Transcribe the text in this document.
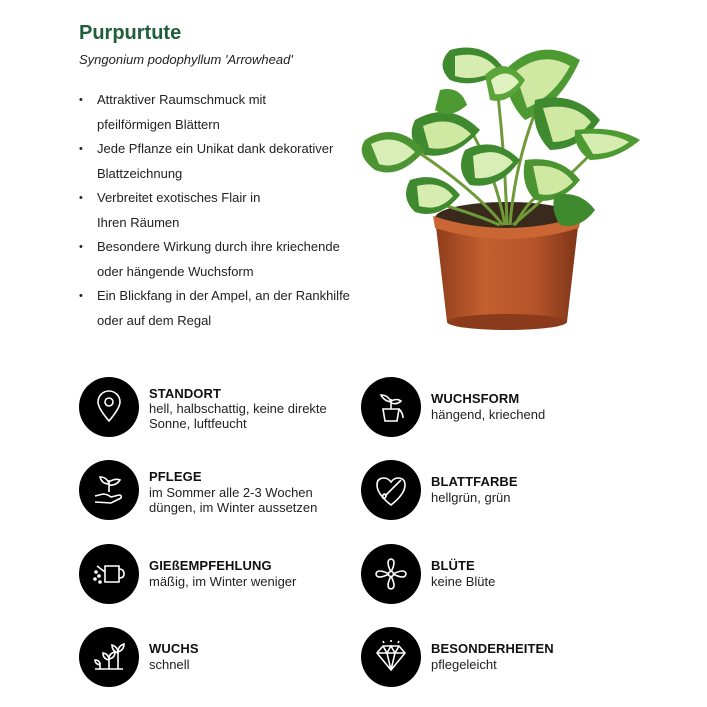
Purpurtute
Syngonium podophyllum 'Arrowhead'
• Attraktiver Raumschmuck mit
pfeilförmigen Blättern
• Jede Pflanze ein Unikat dank dekorativer
Blattzeichnung
• Verbreitet exotisches Flair in
Ihren Räumen
• Besondere Wirkung durch ihre kriechende
oder hängende Wuchsform
• Ein Blickfang in der Ampel, an der Rankhilfe
oder auf dem Regal
STANDORT
hell, halbschattig, keine direkte
Sonne, luftfeucht
WUCHSFORM
hängend, kriechend
PFLEGE
im Sommer alle 2-3 Wochen
düngen, im Winter aussetzen
BLATTFARBE
hellgrün, grün
GIEßEMPFEHLUNG
mäßig, im Winter weniger
BLÜTE
keine Blüte
WUCHS
schnell
BESONDERHEITEN
pflegeleicht
